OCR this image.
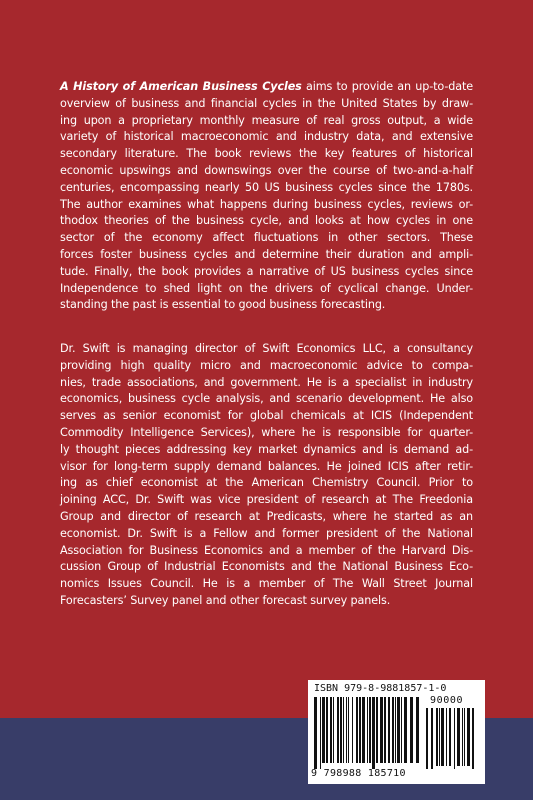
A History of American Business Cycles aims to provide an up-to-date
overview of business and financial cycles in the United States by draw-
ing upon a proprietary monthly measure of real gross output, a wide
variety of historical macroeconomic and industry data, and extensive
secondary literature. The book reviews the key features of historical
economic upswings and downswings over the course of two-and-a-half
centuries, encompassing nearly 50 US business cycles since the 1780s.
The author examines what happens during business cycles, reviews or-
thodox theories of the business cycle, and looks at how cycles in one
sector of the economy affect fluctuations in other sectors. These
forces foster business cycles and determine their duration and ampli-
tude. Finally, the book provides a narrative of US business cycles since
Independence to shed light on the drivers of cyclical change. Under-
standing the past is essential to good business forecasting.
Dr. Swift is managing director of Swift Economics LLC, a consultancy
providing high quality micro and macroeconomic advice to compa-
nies, trade associations, and government. He is a specialist in industry
economics, business cycle analysis, and scenario development. He also
serves as senior economist for global chemicals at ICIS (Independent
Commodity Intelligence Services), where he is responsible for quarter-
ly thought pieces addressing key market dynamics and is demand ad-
visor for long-term supply demand balances. He joined ICIS after retir-
ing as chief economist at the American Chemistry Council. Prior to
joining ACC, Dr. Swift was vice president of research at The Freedonia
Group and director of research at Predicasts, where he started as an
economist. Dr. Swift is a Fellow and former president of the National
Association for Business Economics and a member of the Harvard Dis-
cussion Group of Industrial Economists and the National Business Eco-
nomics Issues Council. He is a member of The Wall Street Journal
Forecasters’ Survey panel and other forecast survey panels.
ISBN 979-8-9881857-1-0
90000
9 798988 185710
